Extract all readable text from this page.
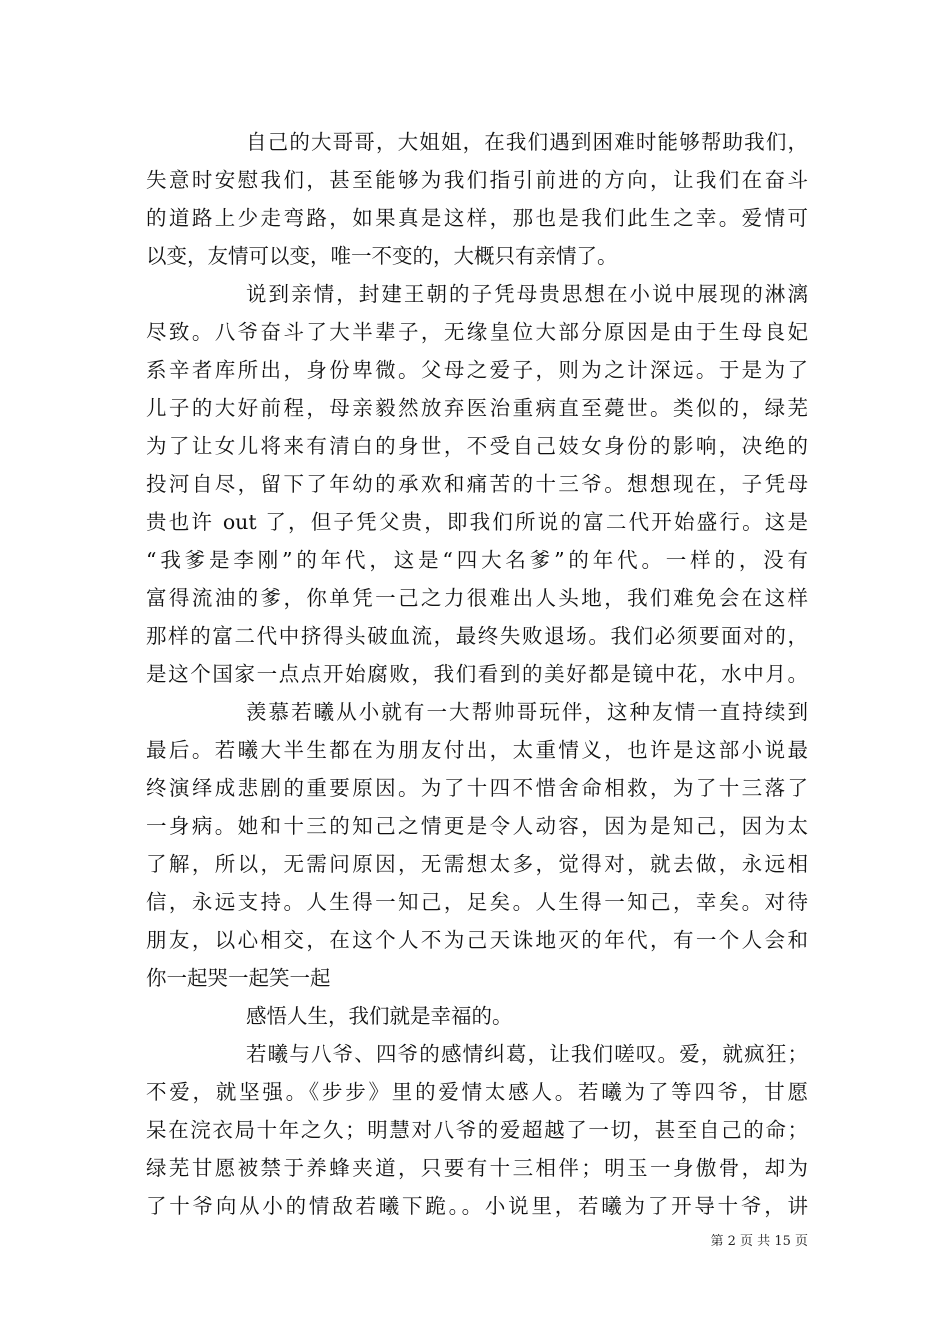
自己的大哥哥，大姐姐，在我们遇到困难时能够帮助我们，
失意时安慰我们，甚至能够为我们指引前进的方向，让我们在奋斗
的道路上少走弯路，如果真是这样，那也是我们此生之幸。爱情可
以变，友情可以变，唯一不变的，大概只有亲情了。
说到亲情，封建王朝的子凭母贵思想在小说中展现的淋漓
尽致。八爷奋斗了大半辈子，无缘皇位大部分原因是由于生母良妃
系辛者库所出，身份卑微。父母之爱子，则为之计深远。于是为了
儿子的大好前程，母亲毅然放弃医治重病直至薨世。类似的，绿芜
为了让女儿将来有清白的身世，不受自己妓女身份的影响，决绝的
投河自尽，留下了年幼的承欢和痛苦的十三爷。想想现在，子凭母
贵也许 out 了，但子凭父贵，即我们所说的富二代开始盛行。这是
“我爹是李刚”的年代，这是“四大名爹”的年代。一样的，没有
富得流油的爹，你单凭一己之力很难出人头地，我们难免会在这样
那样的富二代中挤得头破血流，最终失败退场。我们必须要面对的，
是这个国家一点点开始腐败，我们看到的美好都是镜中花，水中月。
羡慕若曦从小就有一大帮帅哥玩伴，这种友情一直持续到
最后。若曦大半生都在为朋友付出，太重情义，也许是这部小说最
终演绎成悲剧的重要原因。为了十四不惜舍命相救，为了十三落了
一身病。她和十三的知己之情更是令人动容，因为是知己，因为太
了解，所以，无需问原因，无需想太多，觉得对，就去做，永远相
信，永远支持。人生得一知己，足矣。人生得一知己，幸矣。对待
朋友，以心相交，在这个人不为己天诛地灭的年代，有一个人会和
你一起哭一起笑一起
感悟人生，我们就是幸福的。
若曦与八爷、四爷的感情纠葛，让我们嗟叹。爱，就疯狂；
不爱，就坚强。《步步》里的爱情太感人。若曦为了等四爷，甘愿
呆在浣衣局十年之久；明慧对八爷的爱超越了一切，甚至自己的命；
绿芜甘愿被禁于养蜂夹道，只要有十三相伴；明玉一身傲骨，却为
了十爷向从小的情敌若曦下跪。。小说里，若曦为了开导十爷，讲
第 2 页 共 15 页
